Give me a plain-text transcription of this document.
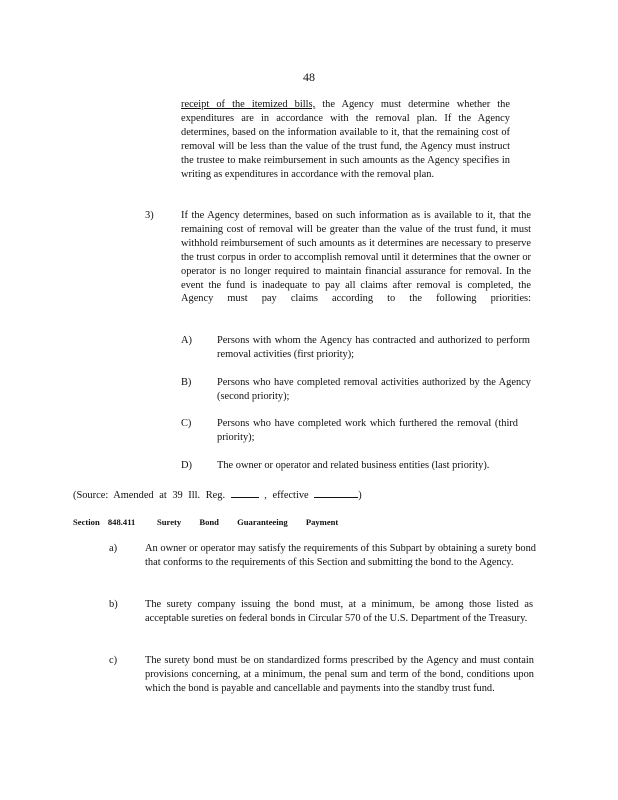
48
receipt of the itemized bills, the Agency must determine whether the expenditures are in accordance with the removal plan. If the Agency determines, based on the information available to it, that the remaining cost of removal will be less than the value of the trust fund, the Agency must instruct the trustee to make reimbursement in such amounts as the Agency specifies in writing as expenditures in accordance with the removal plan.
3)	If the Agency determines, based on such information as is available to it, that the remaining cost of removal will be greater than the value of the trust fund, it must withhold reimbursement of such amounts as it determines are necessary to preserve the trust corpus in order to accomplish removal until it determines that the owner or operator is no longer required to maintain financial assurance for removal. In the event the fund is inadequate to pay all claims after removal is completed, the Agency must pay claims according to the following priorities:
A) Persons with whom the Agency has contracted and authorized to perform removal activities (first priority);
B) Persons who have completed removal activities authorized by the Agency (second priority);
C) Persons who have completed work which furthered the removal (third priority);
D) The owner or operator and related business entities (last priority).
(Source: Amended at 39 Ill. Reg.	, effective	)
Section 848.411	Surety Bond Guaranteeing Payment
a)	An owner or operator may satisfy the requirements of this Subpart by obtaining a surety bond that conforms to the requirements of this Section and submitting the bond to the Agency.
b)	The surety company issuing the bond must, at a minimum, be among those listed as acceptable sureties on federal bonds in Circular 570 of the U.S. Department of the Treasury.
c)	The surety bond must be on standardized forms prescribed by the Agency and must contain provisions concerning, at a minimum, the penal sum and term of the bond, conditions upon which the bond is payable and cancellable and payments into the standby trust fund.
